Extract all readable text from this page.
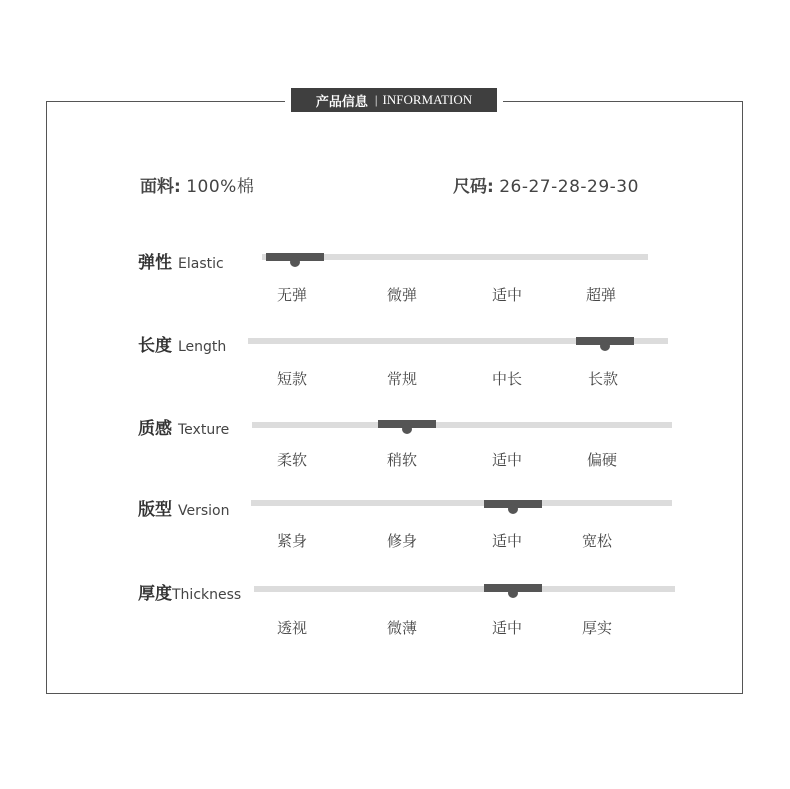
产品信息 | INFORMATION
面料: 100%棉	尺码: 26-27-28-29-30
弹性 Elastic
无弹	微弹	适中	超弹
长度 Length
短款	常规	中长	长款
质感 Texture
柔软	稍软	适中	偏硬
版型 Version
紧身	修身	适中	宽松
厚度Thickness
透视	微薄	适中	厚实
